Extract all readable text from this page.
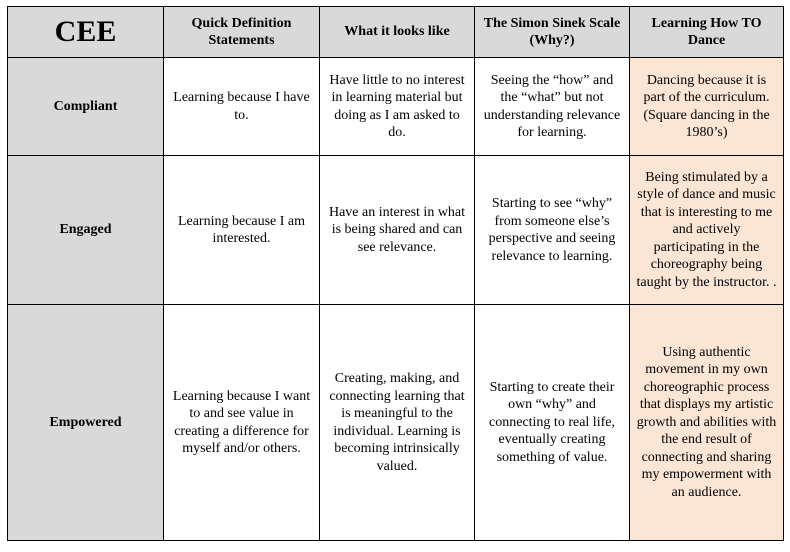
CEE	Quick Definition Statements	What it looks like	The Simon Sinek Scale (Why?)	Learning How TO Dance
Compliant	Learning because I have to.	Have little to no interest in learning material but doing as I am asked to do.	Seeing the “how” and the “what” but not understanding relevance for learning.	Dancing because it is part of the curriculum. (Square dancing in the 1980’s)
Engaged	Learning because I am interested.	Have an interest in what is being shared and can see relevance.	Starting to see “why” from someone else’s perspective and seeing relevance to learning.	Being stimulated by a style of dance and music that is interesting to me and actively participating in the choreography being taught by the instructor. .
Empowered	Learning because I want to and see value in creating a difference for myself and/or others.	Creating, making, and connecting learning that is meaningful to the individual. Learning is becoming intrinsically valued.	Starting to create their own “why” and connecting to real life, eventually creating something of value.	Using authentic movement in my own choreographic process that displays my artistic growth and abilities with the end result of connecting and sharing my empowerment with an audience.
